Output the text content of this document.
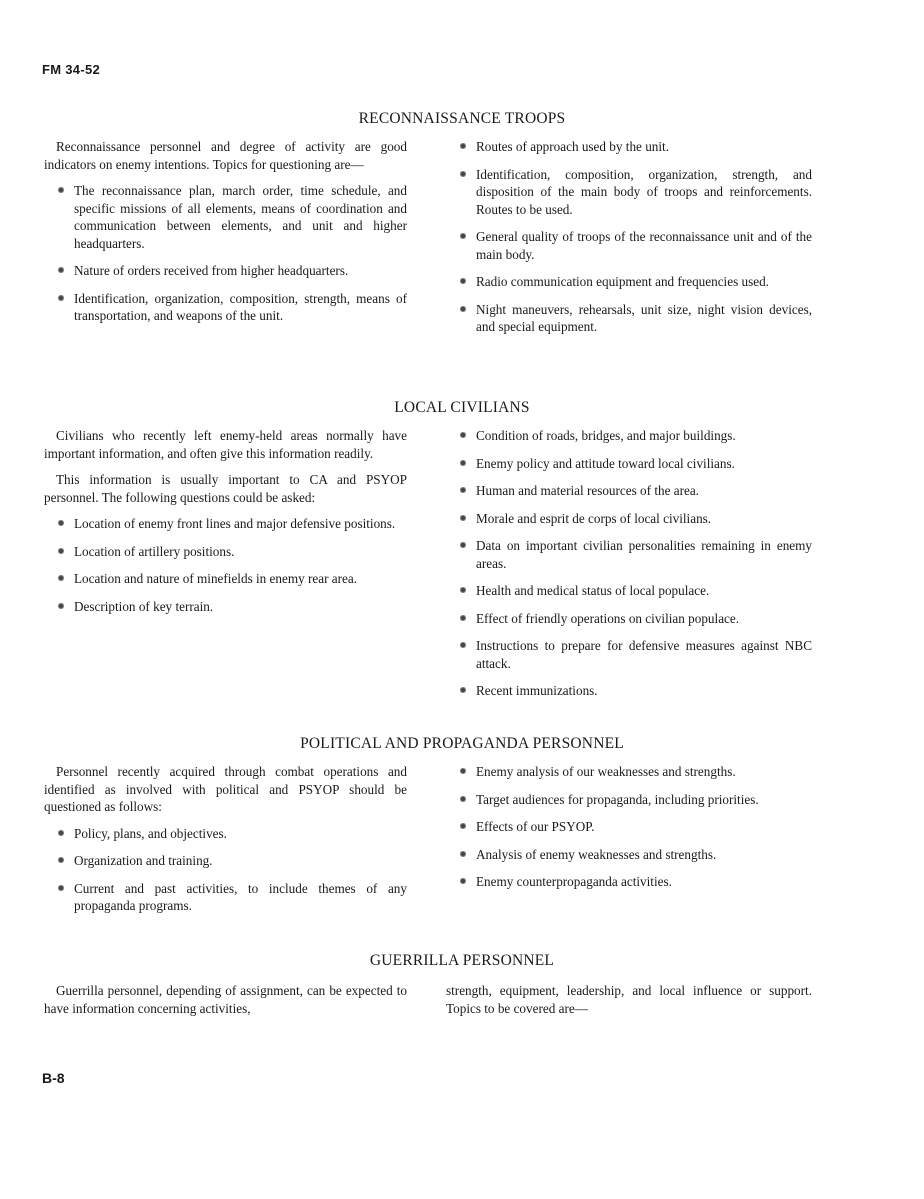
FM 34-52
RECONNAISSANCE TROOPS

Reconnaissance personnel and degree of activity are good indicators on enemy intentions. Topics for questioning are—

The reconnaissance plan, march order, time schedule, and specific missions of all elements, means of coordination and communication between elements, and unit and higher headquarters.
Nature of orders received from higher headquarters.
Identification, organization, composition, strength, means of transportation, and weapons of the unit.
Routes of approach used by the unit.
Identification, composition, organization, strength, and disposition of the main body of troops and reinforcements. Routes to be used.
General quality of troops of the reconnaissance unit and of the main body.
Radio communication equipment and frequencies used.
Night maneuvers, rehearsals, unit size, night vision devices, and special equipment.
LOCAL CIVILIANS

Civilians who recently left enemy-held areas normally have important information, and often give this information readily.

This information is usually important to CA and PSYOP personnel. The following questions could be asked:

Location of enemy front lines and major defensive positions.
Location of artillery positions.
Location and nature of minefields in enemy rear area.
Description of key terrain.
Condition of roads, bridges, and major buildings.
Enemy policy and attitude toward local civilians.
Human and material resources of the area.
Morale and esprit de corps of local civilians.
Data on important civilian personalities remaining in enemy areas.
Health and medical status of local populace.
Effect of friendly operations on civilian populace.
Instructions to prepare for defensive measures against NBC attack.
Recent immunizations.
POLITICAL AND PROPAGANDA PERSONNEL

Personnel recently acquired through combat operations and identified as involved with political and PSYOP should be questioned as follows:

Policy, plans, and objectives.
Organization and training.
Current and past activities, to include themes of any propaganda programs.
Enemy analysis of our weaknesses and strengths.
Target audiences for propaganda, including priorities.
Effects of our PSYOP.
Analysis of enemy weaknesses and strengths.
Enemy counterpropaganda activities.
GUERRILLA PERSONNEL

Guerrilla personnel, depending of assignment, can be expected to have information concerning activities,

strength, equipment, leadership, and local influence or support. Topics to be covered are—

B-8
